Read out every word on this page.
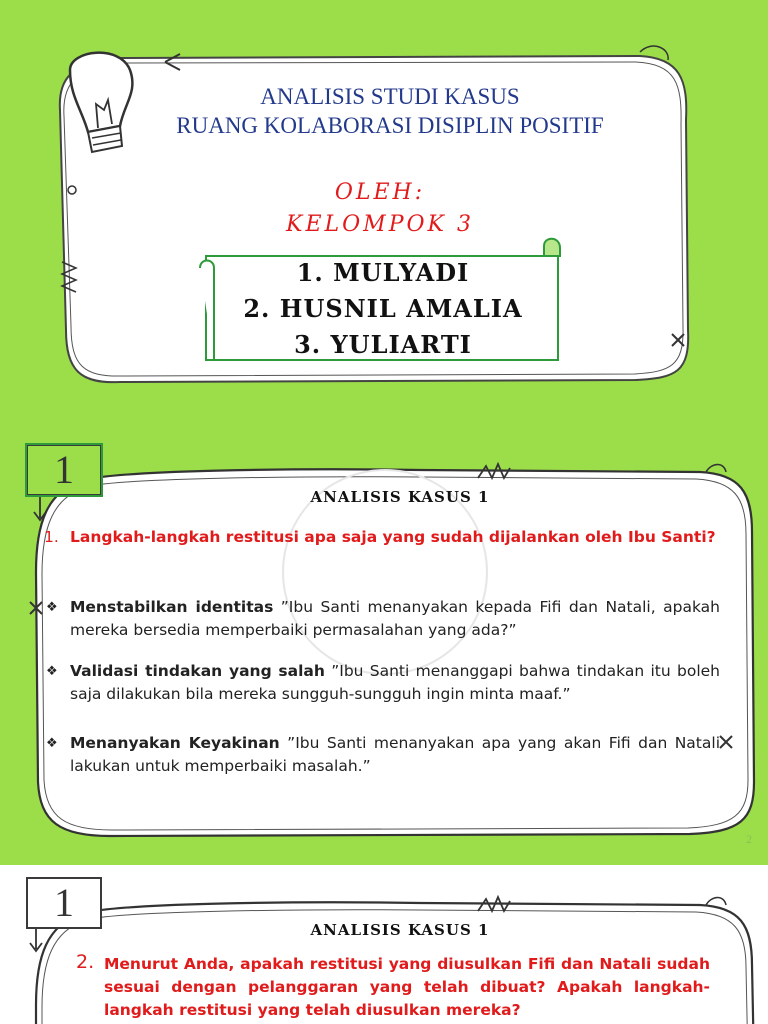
ANALISIS STUDI KASUS
RUANG KOLABORASI DISIPLIN POSITIF
OLEH:
KELOMPOK 3
1. MULYADI
2. HUSNIL AMALIA
3. YULIARTI
1
ANALISIS KASUS 1
1. Langkah-langkah restitusi apa saja yang sudah dijalankan oleh Ibu Santi?
❖ Menstabilkan identitas ”Ibu Santi menanyakan kepada Fifi dan Natali, apakah mereka bersedia memperbaiki permasalahan yang ada?”
❖ Validasi tindakan yang salah ”Ibu Santi menanggapi bahwa tindakan itu boleh saja dilakukan bila mereka sungguh-sungguh ingin minta maaf.”
❖ Menanyakan Keyakinan ”Ibu Santi menanyakan apa yang akan Fifi dan Natali lakukan untuk memperbaiki masalah.”
2
1
ANALISIS KASUS 1
2. Menurut Anda, apakah restitusi yang diusulkan Fifi dan Natali sudah sesuai dengan pelanggaran yang telah dibuat? Apakah langkah-langkah restitusi yang telah diusulkan mereka?
